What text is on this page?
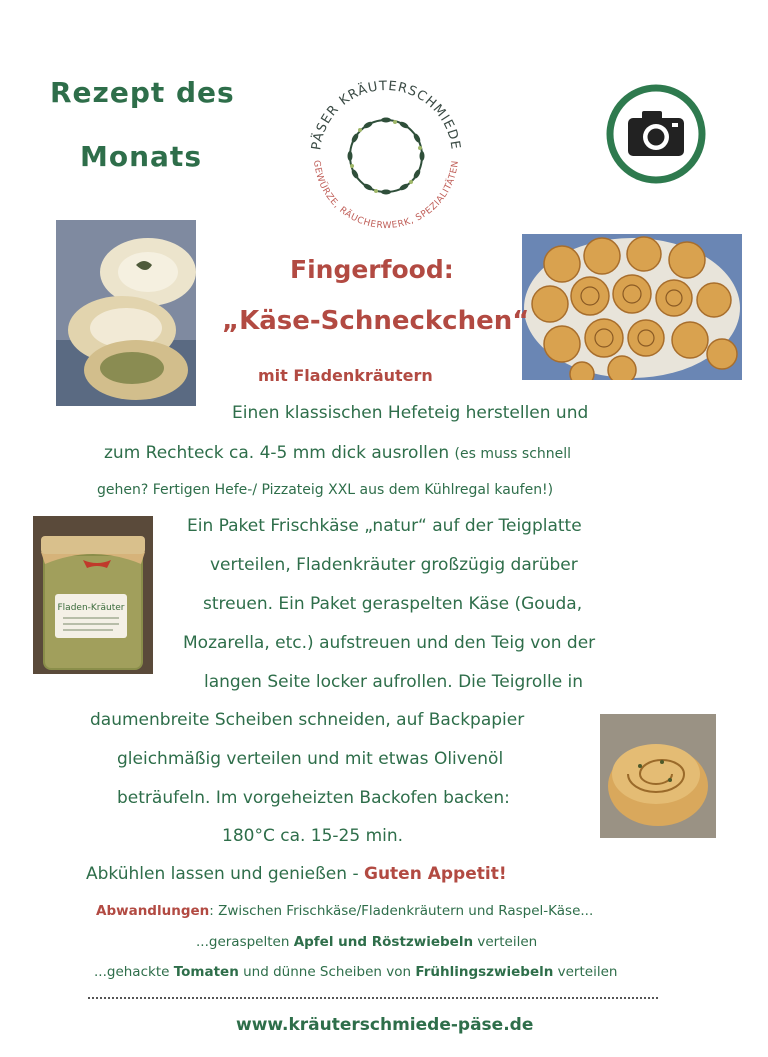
Rezept des
Monats	PÄSER KRÄUTERSCHMIEDE
GEWÜRZE, RÄUCHERWERK, SPEZIALITÄTEN
Fladen-Kräuter
Fingerfood:
„Käse-Schneckchen“
mit Fladenkräutern
Einen klassischen Hefeteig herstellen und
zum Rechteck ca. 4-5 mm dick ausrollen (es muss schnell
gehen? Fertigen Hefe-/ Pizzateig XXL aus dem Kühlregal kaufen!)
Ein Paket Frischkäse „natur“ auf der Teigplatte
verteilen, Fladenkräuter großzügig darüber
streuen. Ein Paket geraspelten Käse (Gouda,
Mozarella, etc.) aufstreuen und den Teig von der
langen Seite locker aufrollen. Die Teigrolle in
daumenbreite Scheiben schneiden, auf Backpapier
gleichmäßig verteilen und mit etwas Olivenöl
beträufeln. Im vorgeheizten Backofen backen:
180°C ca. 15-25 min.
Abkühlen lassen und genießen - Guten Appetit!
Abwandlungen: Zwischen Frischkäse/Fladenkräutern und Raspel-Käse...
...geraspelten Apfel und Röstzwiebeln verteilen
...gehackte Tomaten und dünne Scheiben von Frühlingszwiebeln verteilen
www.kräuterschmiede-päse.de
